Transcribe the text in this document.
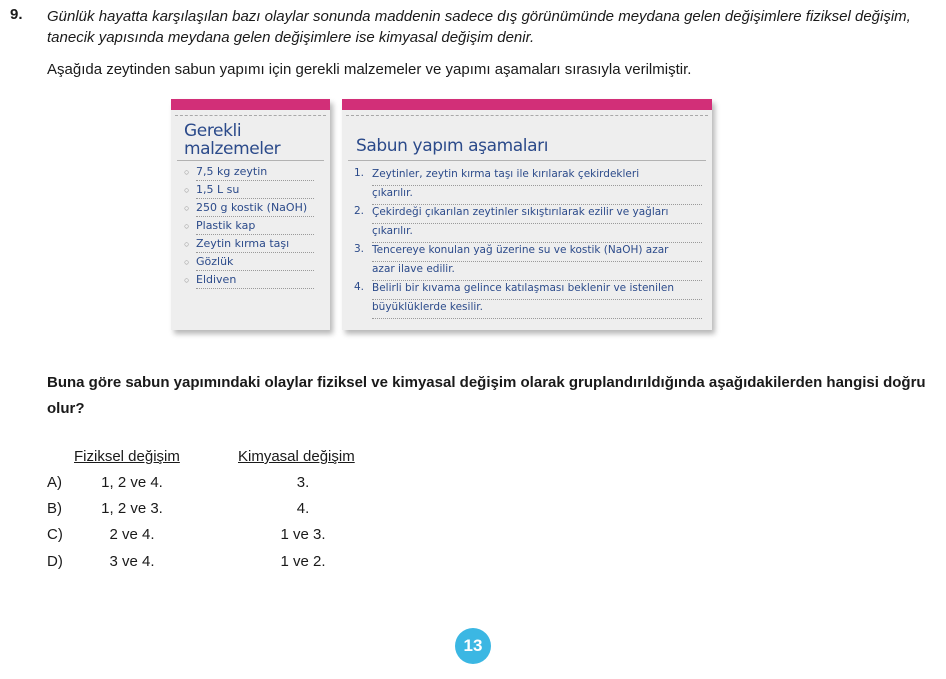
9. Günlük hayatta karşılaşılan bazı olaylar sonunda maddenin sadece dış görünümünde meydana gelen değişimlere fiziksel değişim, tanecik yapısında meydana gelen değişimlere ise kimyasal değişim denir.
Aşağıda zeytinden sabun yapımı için gerekli malzemeler ve yapımı aşamaları sırasıyla verilmiştir.
Gerekli
malzemeler
○ 7,5 kg zeytin
○ 1,5 L su
○ 250 g kostik (NaOH)
○ Plastik kap
○ Zeytin kırma taşı
○ Gözlük
○ Eldiven
Sabun yapım aşamaları
1. Zeytinler, zeytin kırma taşı ile kırılarak çekirdekleri
çıkarılır.
2. Çekirdeği çıkarılan zeytinler sıkıştırılarak ezilir ve yağları
çıkarılır.
3. Tencereye konulan yağ üzerine su ve kostik (NaOH) azar
azar ilave edilir.
4. Belirli bir kıvama gelince katılaşması beklenir ve istenilen
büyüklüklerde kesilir.
Buna göre sabun yapımındaki olaylar fiziksel ve kimyasal değişim olarak gruplandırıldığında aşağıdakilerden hangisi doğru olur?
Fiziksel değişim	Kimyasal değişim
A)	1, 2 ve 4.	3.
B)	1, 2 ve 3.	4.
C)	2 ve 4.	1 ve 3.
D)	3 ve 4.	1 ve 2.
13
